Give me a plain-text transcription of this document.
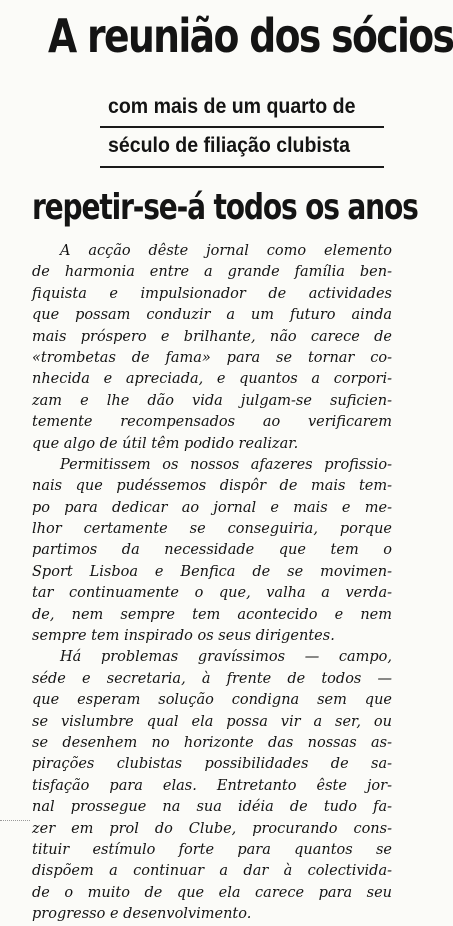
A reunião dos sócios
com mais de um quarto de
século de filiação clubista
repetir-se-á todos os anos
A acção dêste jornal como elemento
de harmonia entre a grande família ben-
fiquista e impulsionador de actividades
que possam conduzir a um futuro ainda
mais próspero e brilhante, não carece de
«trombetas de fama» para se tornar co-
nhecida e apreciada, e quantos a corpori-
zam e lhe dão vida julgam-se suficien-
temente recompensados ao verificarem
que algo de útil têm podido realizar.
Permitissem os nossos afazeres profissio-
nais que pudéssemos dispôr de mais tem-
po para dedicar ao jornal e mais e me-
lhor certamente se conseguiria, porque
partimos da necessidade que tem o
Sport Lisboa e Benfica de se movimen-
tar continuamente o que, valha a verda-
de, nem sempre tem acontecido e nem
sempre tem inspirado os seus dirigentes.
Há problemas gravíssimos — campo,
séde e secretaria, à frente de todos —
que esperam solução condigna sem que
se vislumbre qual ela possa vir a ser, ou
se desenhem no horizonte das nossas as-
pirações clubistas possibilidades de sa-
tisfação para elas. Entretanto êste jor-
nal prossegue na sua idéia de tudo fa-
zer em prol do Clube, procurando cons-
tituir estímulo forte para quantos se
dispõem a continuar a dar à colectivida-
de o muito de que ela carece para seu
progresso e desenvolvimento.
